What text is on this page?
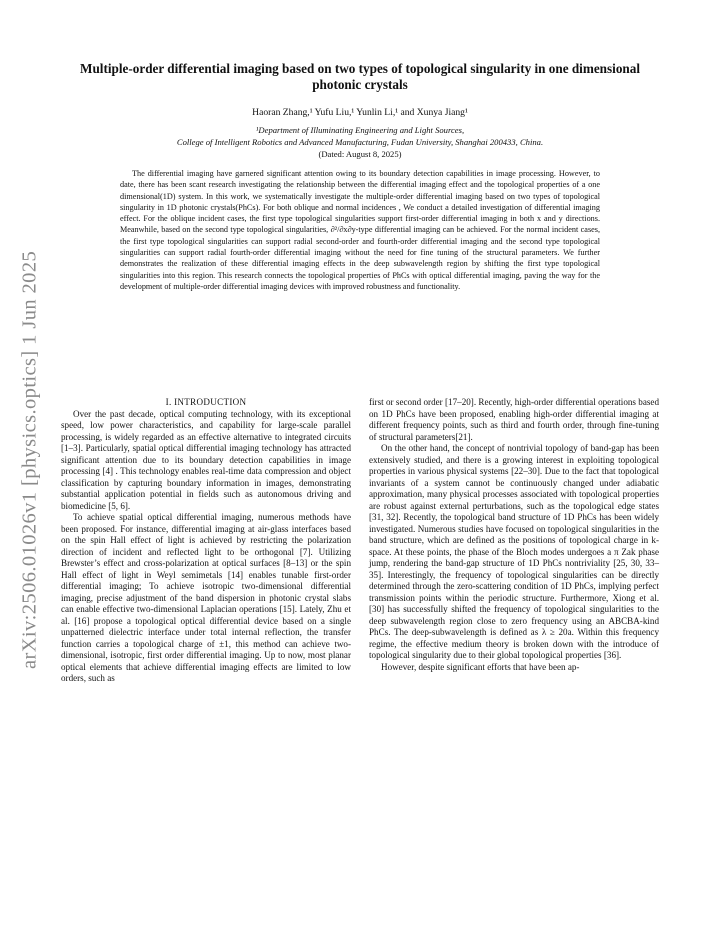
arXiv:2506.01026v1 [physics.optics] 1 Jun 2025
Multiple-order differential imaging based on two types of topological singularity in one dimensional photonic crystals
Haoran Zhang,¹ Yufu Liu,¹ Yunlin Li,¹ and Xunya Jiang¹
¹Department of Illuminating Engineering and Light Sources,
College of Intelligent Robotics and Advanced Manufacturing, Fudan University, Shanghai 200433, China.
(Dated: August 8, 2025)

The differential imaging have garnered significant attention owing to its boundary detection capabilities in image processing. However, to date, there has been scant research investigating the relationship between the differential imaging effect and the topological properties of a one dimensional(1D) system. In this work, we systematically investigate the multiple-order differential imaging based on two types of topological singularity in 1D photonic crystals(PhCs). For both oblique and normal incidences , We conduct a detailed investigation of differential imaging effect. For the oblique incident cases, the first type topological singularities support first-order differential imaging in both x and y directions. Meanwhile, based on the second type topological singularities, ∂²/∂x∂y-type differential imaging can be achieved. For the normal incident cases, the first type topological singularities can support radial second-order and fourth-order differential imaging and the second type topological singularities can support radial fourth-order differential imaging without the need for fine tuning of the structural parameters. We further demonstrates the realization of these differential imaging effects in the deep subwavelength region by shifting the first type topological singularities into this region. This research connects the topological properties of PhCs with optical differential imaging, paving the way for the development of multiple-order differential imaging devices with improved robustness and functionality.

I. INTRODUCTION

Over the past decade, optical computing technology, with its exceptional speed, low power characteristics, and capability for large-scale parallel processing, is widely regarded as an effective alternative to integrated circuits [1–3]. Particularly, spatial optical differential imaging technology has attracted significant attention due to its boundary detection capabilities in image processing [4] . This technology enables real-time data compression and object classification by capturing boundary information in images, demonstrating substantial application potential in fields such as autonomous driving and biomedicine [5, 6].

To achieve spatial optical differential imaging, numerous methods have been proposed. For instance, differential imaging at air-glass interfaces based on the spin Hall effect of light is achieved by restricting the polarization direction of incident and reflected light to be orthogonal [7]. Utilizing Brewster’s effect and cross-polarization at optical surfaces [8–13] or the spin Hall effect of light in Weyl semimetals [14] enables tunable first-order differential imaging; To achieve isotropic two-dimensional differential imaging, precise adjustment of the band dispersion in photonic crystal slabs can enable effective two-dimensional Laplacian operations [15]. Lately, Zhu et al. [16] propose a topological optical differential device based on a single unpatterned dielectric interface under total internal reflection, the transfer function carries a topological charge of ±1, this method can achieve two-dimensional, isotropic, first order differential imaging. Up to now, most planar optical elements that achieve differential imaging effects are limited to low orders, such as

first or second order [17–20]. Recently, high-order differential operations based on 1D PhCs have been proposed, enabling high-order differential imaging at different frequency points, such as third and fourth order, through fine-tuning of structural parameters[21].

On the other hand, the concept of nontrivial topology of band-gap has been extensively studied, and there is a growing interest in exploiting topological properties in various physical systems [22–30]. Due to the fact that topological invariants of a system cannot be continuously changed under adiabatic approximation, many physical processes associated with topological properties are robust against external perturbations, such as the topological edge states [31, 32]. Recently, the topological band structure of 1D PhCs has been widely investigated. Numerous studies have focused on topological singularities in the band structure, which are defined as the positions of topological charge in k-space. At these points, the phase of the Bloch modes undergoes a π Zak phase jump, rendering the band-gap structure of 1D PhCs nontriviality [25, 30, 33–35]. Interestingly, the frequency of topological singularities can be directly determined through the zero-scattering condition of 1D PhCs, implying perfect transmission points within the periodic structure. Furthermore, Xiong et al. [30] has successfully shifted the frequency of topological singularities to the deep subwavelength region close to zero frequency using an ABCBA-kind PhCs. The deep-subwavelength is defined as λ ≥ 20a. Within this frequency regime, the effective medium theory is broken down with the introduce of topological singularity due to their global topological properties [36].

However, despite significant efforts that have been ap-
